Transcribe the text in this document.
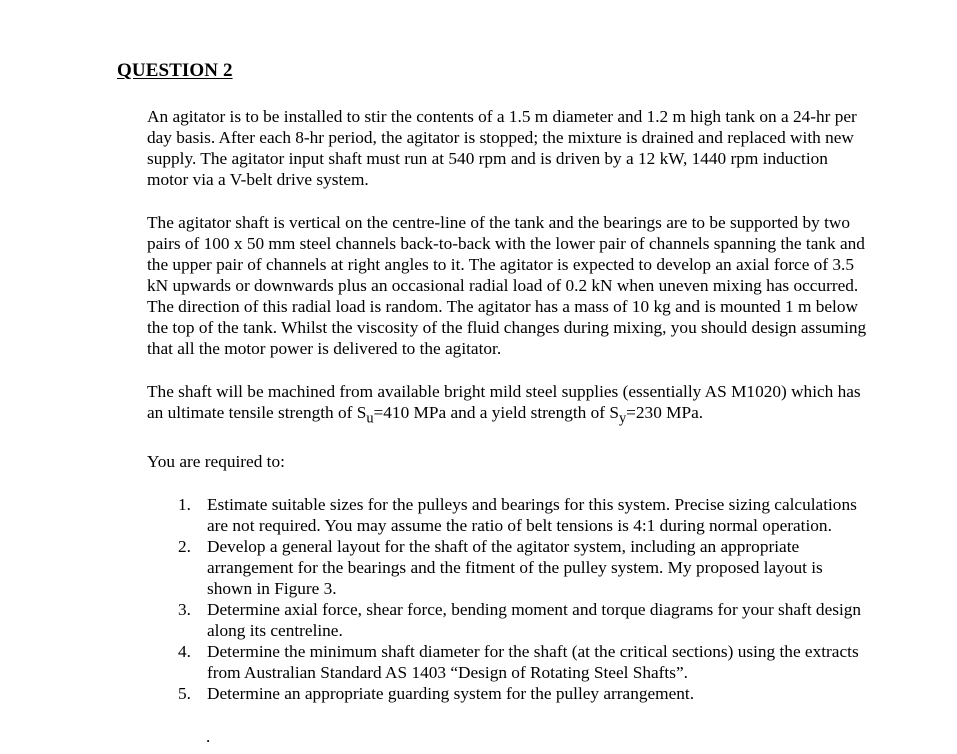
QUESTION 2

An agitator is to be installed to stir the contents of a 1.5 m diameter and 1.2 m high tank on a 24-hr per day basis. After each 8-hr period, the agitator is stopped; the mixture is drained and replaced with new supply. The agitator input shaft must run at 540 rpm and is driven by a 12 kW, 1440 rpm induction motor via a V-belt drive system.

The agitator shaft is vertical on the centre-line of the tank and the bearings are to be supported by two pairs of 100 x 50 mm steel channels back-to-back with the lower pair of channels spanning the tank and the upper pair of channels at right angles to it. The agitator is expected to develop an axial force of 3.5 kN upwards or downwards plus an occasional radial load of 0.2 kN when uneven mixing has occurred. The direction of this radial load is random. The agitator has a mass of 10 kg and is mounted 1 m below the top of the tank. Whilst the viscosity of the fluid changes during mixing, you should design assuming that all the motor power is delivered to the agitator.

The shaft will be machined from available bright mild steel supplies (essentially AS M1020) which has an ultimate tensile strength of $S_u=410$ MPa and a yield strength of $S_y=230$ MPa.

You are required to:

1. Estimate suitable sizes for the pulleys and bearings for this system. Precise sizing calculations are not required. You may assume the ratio of belt tensions is 4:1 during normal operation.
2. Develop a general layout for the shaft of the agitator system, including an appropriate arrangement for the bearings and the fitment of the pulley system. My proposed layout is shown in Figure 3.
3. Determine axial force, shear force, bending moment and torque diagrams for your shaft design along its centreline.
4. Determine the minimum shaft diameter for the shaft (at the critical sections) using the extracts from Australian Standard AS 1403 “Design of Rotating Steel Shafts”.
5. Determine an appropriate guarding system for the pulley arrangement.
.
